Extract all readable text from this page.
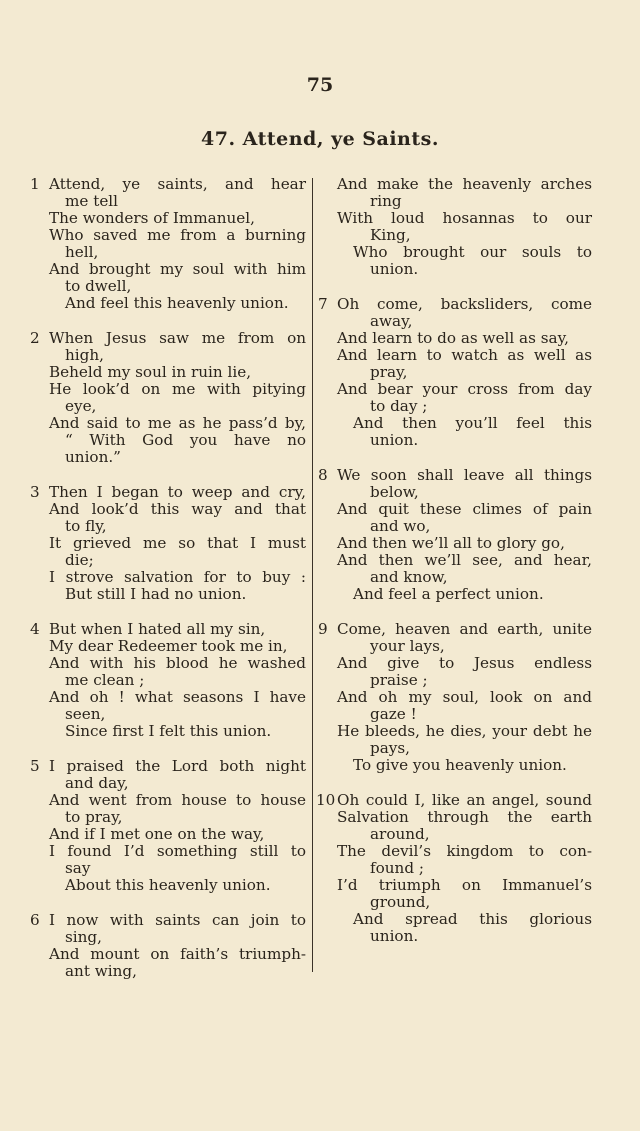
75
47. Attend, ye Saints.
1 Attend, ye saints, and hear
me tell
The wonders of Immanuel,
Who saved me from a burning
hell,
And brought my soul with him
to dwell,
And feel this heavenly union.
2 When Jesus saw me from on
high,
Beheld my soul in ruin lie,
He look’d on me with pitying
eye,
And said to me as he pass’d by,
“ With God you have no
union.”
3 Then I began to weep and cry,
And look’d this way and that
to fly,
It grieved me so that I must
die;
I strove salvation for to buy :
But still I had no union.
4 But when I hated all my sin,
My dear Redeemer took me in,
And with his blood he washed
me clean ;
And oh ! what seasons I have
seen,
Since first I felt this union.
5 I praised the Lord both night
and day,
And went from house to house
to pray,
And if I met one on the way,
I found I’d something still to
say
About this heavenly union.
6 I now with saints can join to
sing,
And mount on faith’s triumph-
ant wing,
And make the heavenly arches
ring
With loud hosannas to our
King,
Who brought our souls to
union.
7 Oh come, backsliders, come
away,
And learn to do as well as say,
And learn to watch as well as
pray,
And bear your cross from day
to day ;
And then you’ll feel this
union.
8 We soon shall leave all things
below,
And quit these climes of pain
and wo,
And then we’ll all to glory go,
And then we’ll see, and hear,
and know,
And feel a perfect union.
9 Come, heaven and earth, unite
your lays,
And give to Jesus endless
praise ;
And oh my soul, look on and
gaze !
He bleeds, he dies, your debt he
pays,
To give you heavenly union.
10 Oh could I, like an angel, sound
Salvation through the earth
around,
The devil’s kingdom to con-
found ;
I’d triumph on Immanuel’s
ground,
And spread this glorious
union.
